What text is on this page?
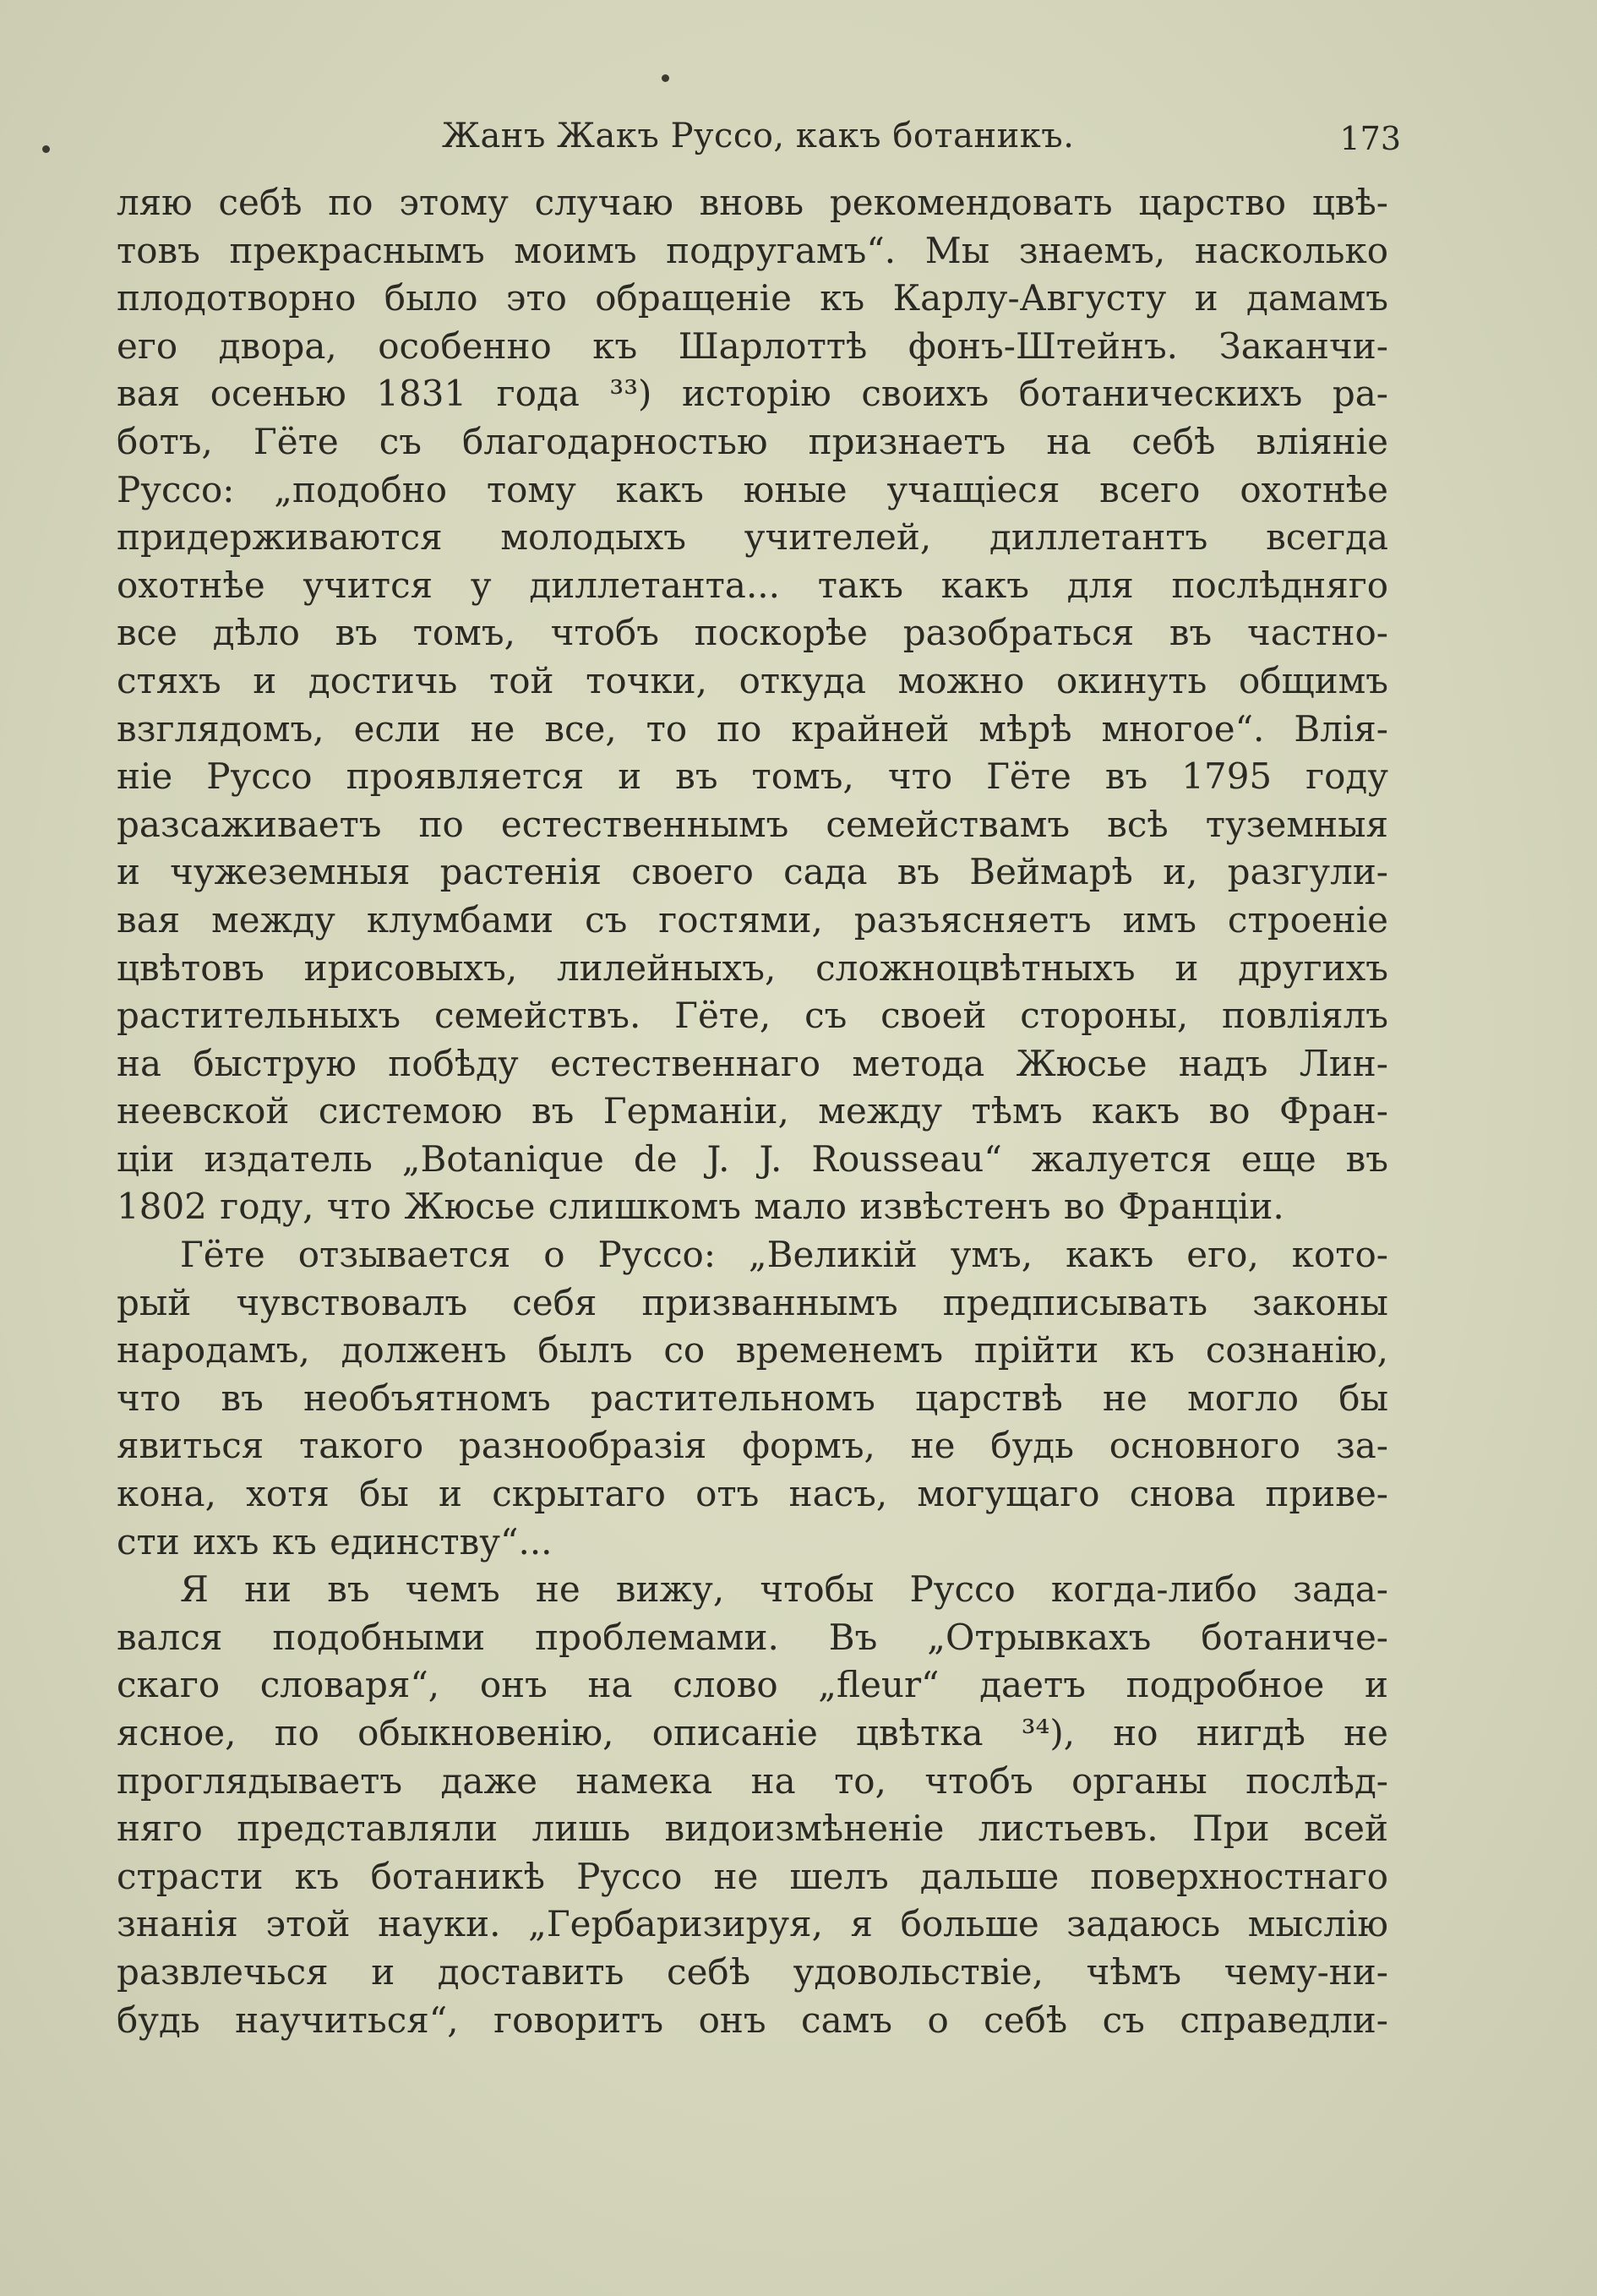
Жанъ Жакъ Руссо, какъ ботаникъ.	173
ляю себѣ по этому случаю вновь рекомендовать царство цвѣ-
товъ прекраснымъ моимъ подругамъ“. Мы знаемъ, насколько
плодотворно было это обращеніе къ Карлу-Августу и дамамъ
его двора, особенно къ Шарлоттѣ фонъ-Штейнъ. Заканчи-
вая осенью 1831 года ³³) исторію своихъ ботаническихъ ра-
ботъ, Гёте съ благодарностью признаетъ на себѣ вліяніе
Руссо: „подобно тому какъ юные учащіеся всего охотнѣе
придерживаются молодыхъ учителей, диллетантъ всегда
охотнѣе учится у диллетанта... такъ какъ для послѣдняго
все дѣло въ томъ, чтобъ поскорѣе разобраться въ частно-
стяхъ и достичь той точки, откуда можно окинуть общимъ
взглядомъ, если не все, то по крайней мѣрѣ многое“. Влія-
ніе Руссо проявляется и въ томъ, что Гёте въ 1795 году
разсаживаетъ по естественнымъ семействамъ всѣ туземныя
и чужеземныя растенія своего сада въ Веймарѣ и, разгули-
вая между клумбами съ гостями, разъясняетъ имъ строеніе
цвѣтовъ ирисовыхъ, лилейныхъ, сложноцвѣтныхъ и другихъ
растительныхъ семействъ. Гёте, съ своей стороны, повліялъ
на быструю побѣду естественнаго метода Жюсье надъ Лин-
неевской системою въ Германіи, между тѣмъ какъ во Фран-
ціи издатель „Botanique de J. J. Rousseau“ жалуется еще въ
1802 году, что Жюсье слишкомъ мало извѣстенъ во Франціи.
Гёте отзывается о Руссо: „Великій умъ, какъ его, кото-
рый чувствовалъ себя призваннымъ предписывать законы
народамъ, долженъ былъ со временемъ прійти къ сознанію,
что въ необъятномъ растительномъ царствѣ не могло бы
явиться такого разнообразія формъ, не будь основного за-
кона, хотя бы и скрытаго отъ насъ, могущаго снова приве-
сти ихъ къ единству“...
Я ни въ чемъ не вижу, чтобы Руссо когда-либо зада-
вался подобными проблемами. Въ „Отрывкахъ ботаниче-
скаго словаря“, онъ на слово „fleur“ даетъ подробное и
ясное, по обыкновенію, описаніе цвѣтка ³⁴), но нигдѣ не
проглядываетъ даже намека на то, чтобъ органы послѣд-
няго представляли лишь видоизмѣненіе листьевъ. При всей
страсти къ ботаникѣ Руссо не шелъ дальше поверхностнаго
знанія этой науки. „Гербаризируя, я больше задаюсь мыслію
развлечься и доставить себѣ удовольствіе, чѣмъ чему-ни-
будь научиться“, говоритъ онъ самъ о себѣ съ справедли-
